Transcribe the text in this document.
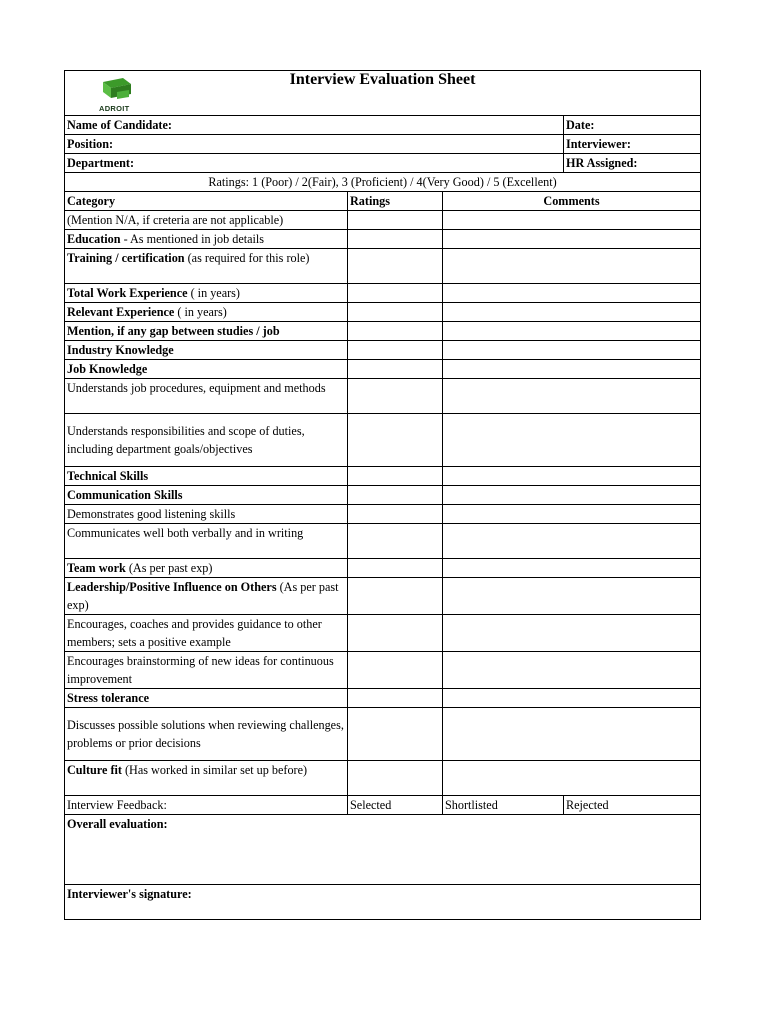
ADROIT
Interview Evaluation Sheet			

Name of Candidate:			Date:
Position:			Interviewer:
Department:			HR Assigned:
Ratings: 1 (Poor) / 2(Fair), 3 (Proficient) / 4(Very Good) / 5 (Excellent)			
Category	Ratings	Comments	
(Mention N/A, if creteria are not applicable)			
Education - As mentioned in job details			
Training / certification (as required for this role)			
Total Work Experience ( in years)			
Relevant Experience ( in years)			
Mention, if any gap between studies / job			
Industry Knowledge			
Job Knowledge			
Understands job procedures, equipment and methods			
Understands responsibilities and scope of duties, including department goals/objectives			
Technical Skills			
Communication Skills			
Demonstrates good listening skills			
Communicates well both verbally and in writing			
Team work (As per past exp)			
Leadership/Positive Influence on Others (As per past exp)			
Encourages, coaches and provides guidance to other members; sets a positive example			
Encourages brainstorming of new ideas for continuous improvement			
Stress tolerance			
Discusses possible solutions when reviewing challenges, problems or prior decisions			
Culture fit (Has worked in similar set up before)			
Interview Feedback:	Selected	Shortlisted	Rejected
Overall evaluation:			
Interviewer's signature:			
